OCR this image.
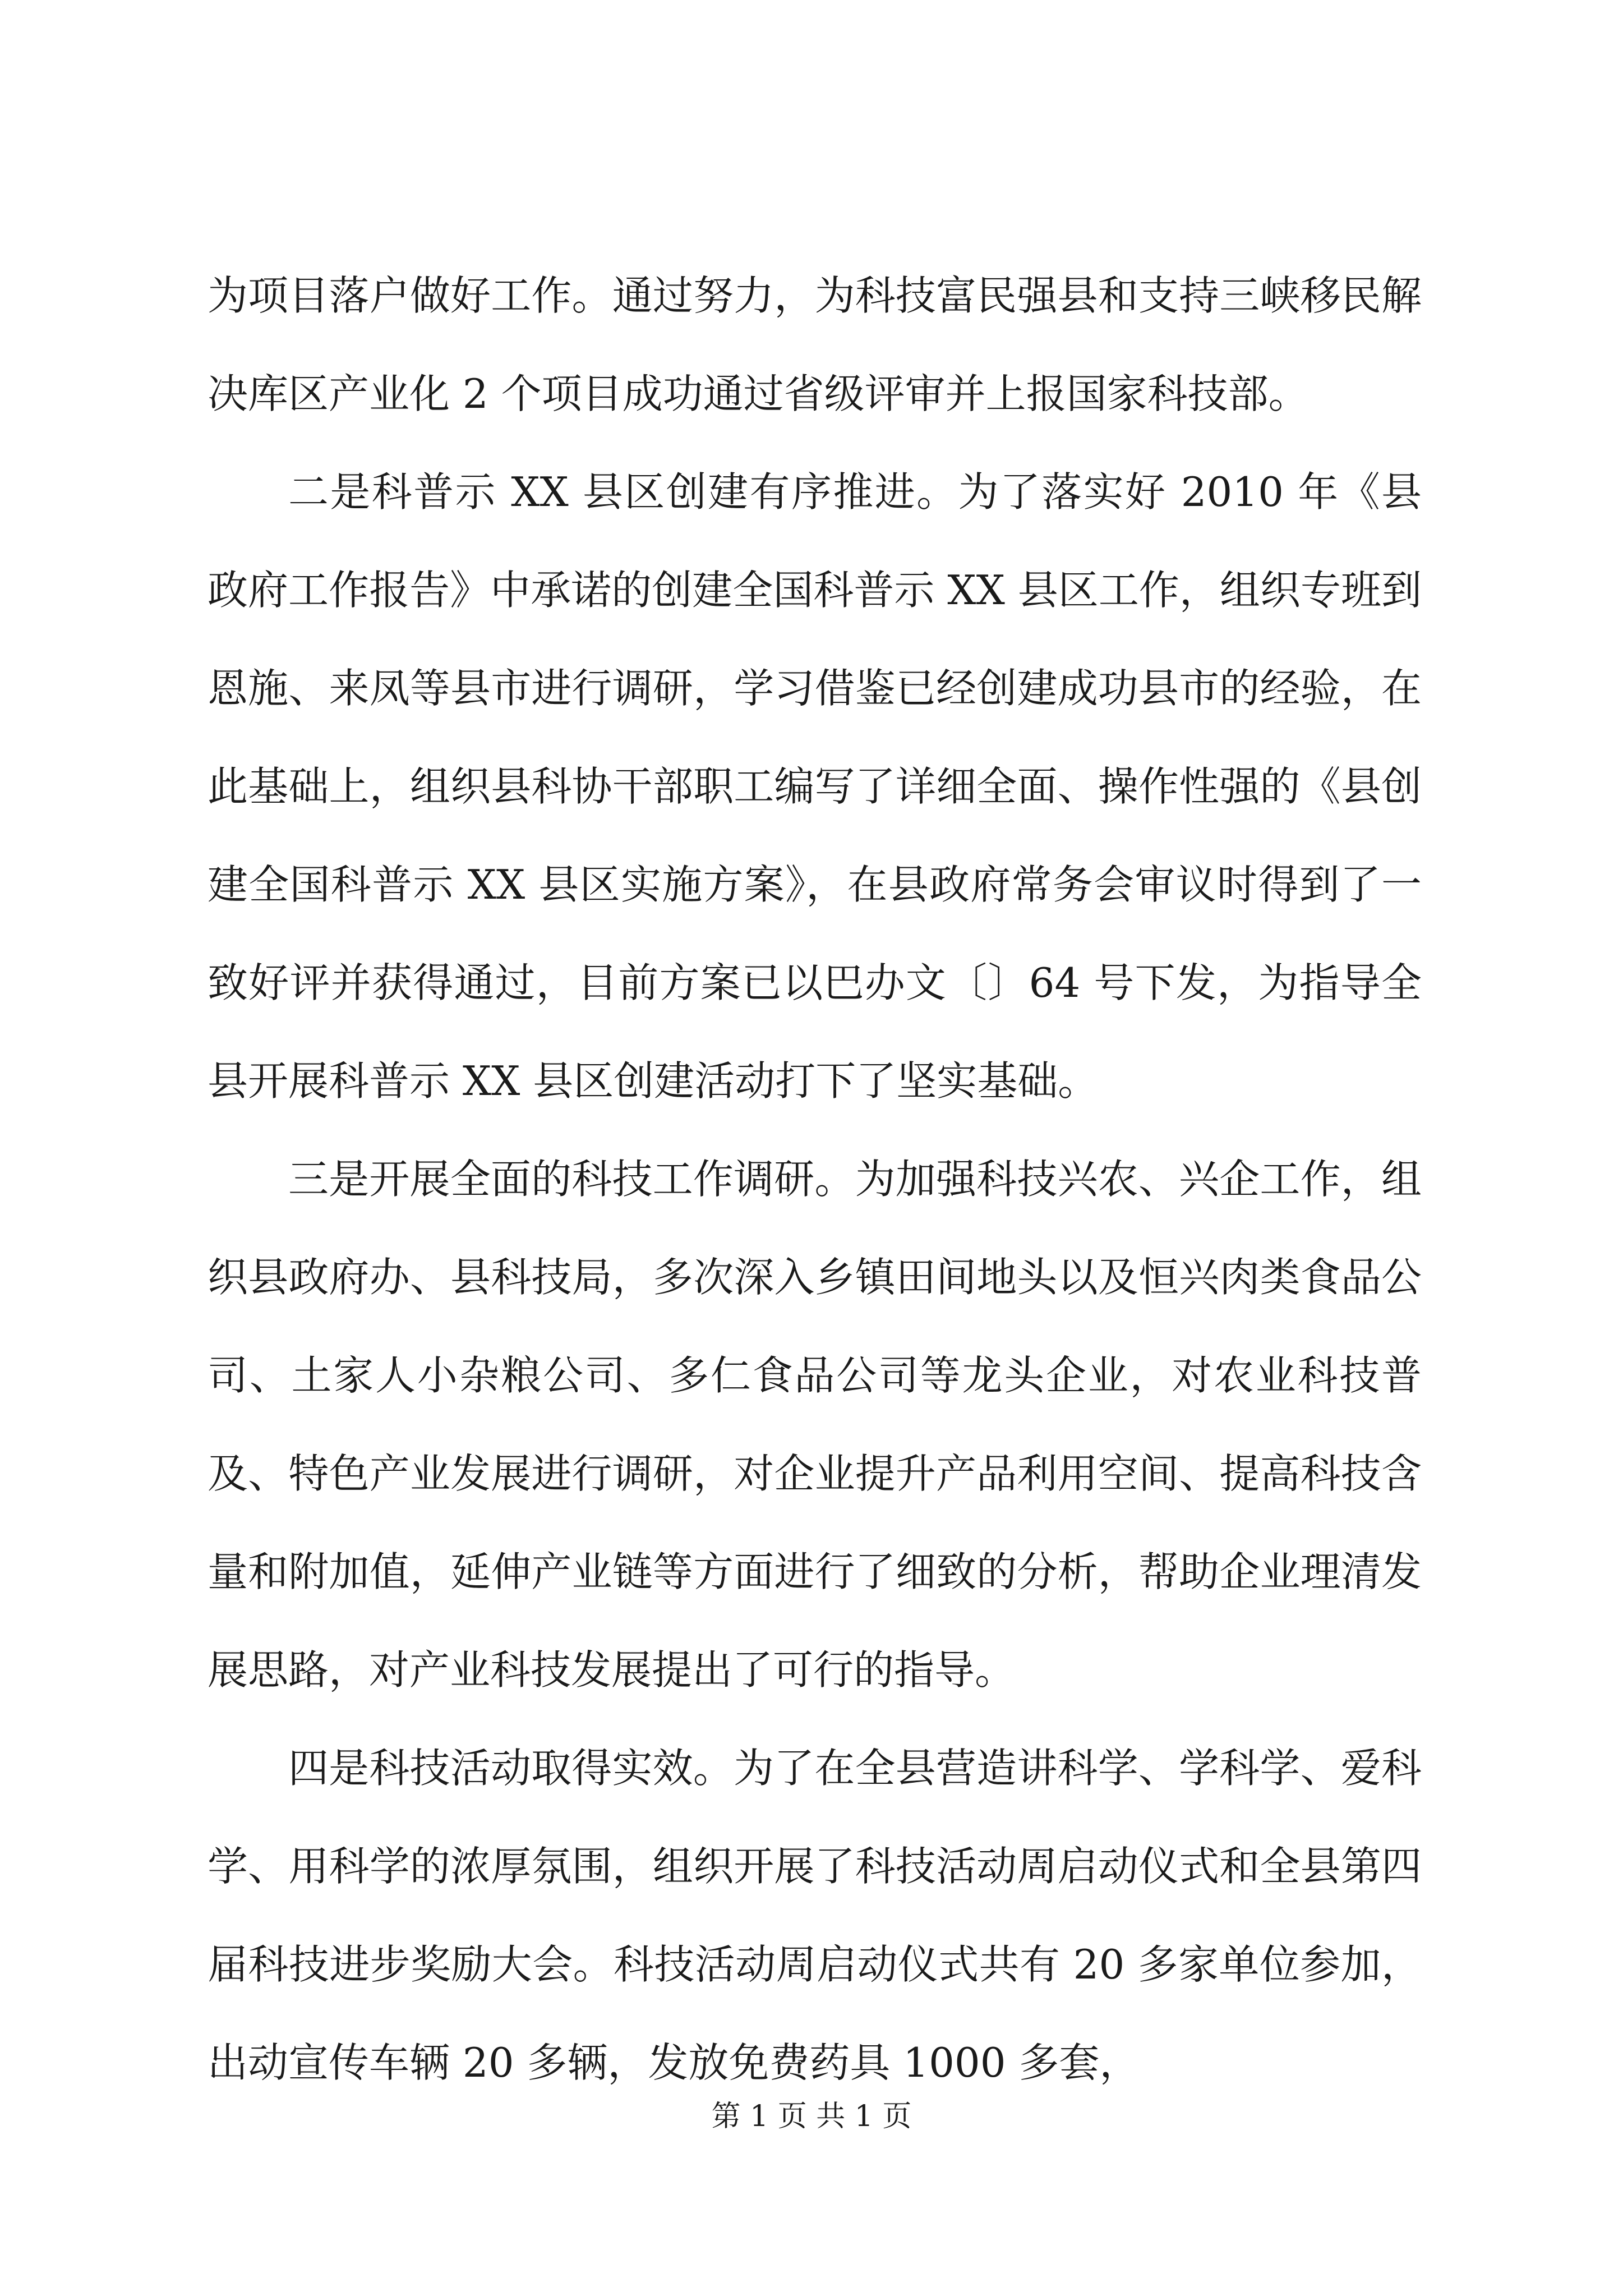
为项目落户做好工作。通过努力，为科技富民强县和支持三峡移民解决库区产业化 2 个项目成功通过省级评审并上报国家科技部。

二是科普示 XX 县区创建有序推进。为了落实好 2010 年《县政府工作报告》中承诺的创建全国科普示 XX 县区工作，组织专班到恩施、来凤等县市进行调研，学习借鉴已经创建成功县市的经验，在此基础上，组织县科协干部职工编写了详细全面、操作性强的《县创建全国科普示 XX 县区实施方案》，在县政府常务会审议时得到了一致好评并获得通过，目前方案已以巴办文〔〕64 号下发，为指导全县开展科普示 XX 县区创建活动打下了坚实基础。

三是开展全面的科技工作调研。为加强科技兴农、兴企工作，组织县政府办、县科技局，多次深入乡镇田间地头以及恒兴肉类食品公司、土家人小杂粮公司、多仁食品公司等龙头企业，对农业科技普及、特色产业发展进行调研，对企业提升产品利用空间、提高科技含量和附加值，延伸产业链等方面进行了细致的分析，帮助企业理清发展思路，对产业科技发展提出了可行的指导。

四是科技活动取得实效。为了在全县营造讲科学、学科学、爱科学、用科学的浓厚氛围，组织开展了科技活动周启动仪式和全县第四届科技进步奖励大会。科技活动周启动仪式共有 20 多家单位参加，出动宣传车辆 20 多辆，发放免费药具 1000 多套，

第 1 页 共 1 页
